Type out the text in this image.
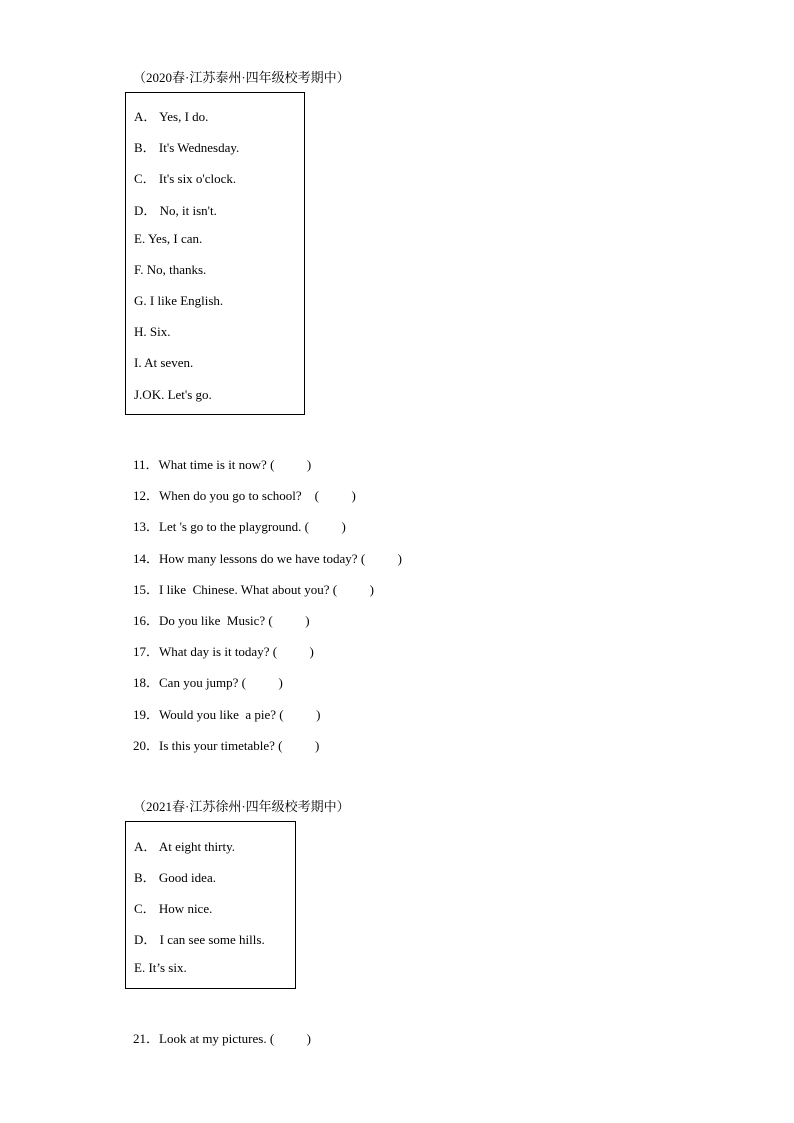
（2020春·江苏泰州·四年级校考期中）
A． Yes, I do.
B． It's Wednesday.
C． It's six o'clock.
D． No, it isn't.
E. Yes, I can.
F. No, thanks.
G. I like English.
H. Six.
I. At seven.
J.OK. Let's go.
11．What time is it now? (          )
12．When do you go to school?    (          )
13．Let 's go to the playground. (          )
14．How many lessons do we have today? (          )
15．I like  Chinese. What about you? (          )
16．Do you like  Music? (          )
17．What day is it today? (          )
18．Can you jump? (          )
19．Would you like  a pie? (          )
20．Is this your timetable? (          )
（2021春·江苏徐州·四年级校考期中）
A． At eight thirty.
B． Good idea.
C． How nice.
D． I can see some hills.
E. It’s six.
21．Look at my pictures. (          )
